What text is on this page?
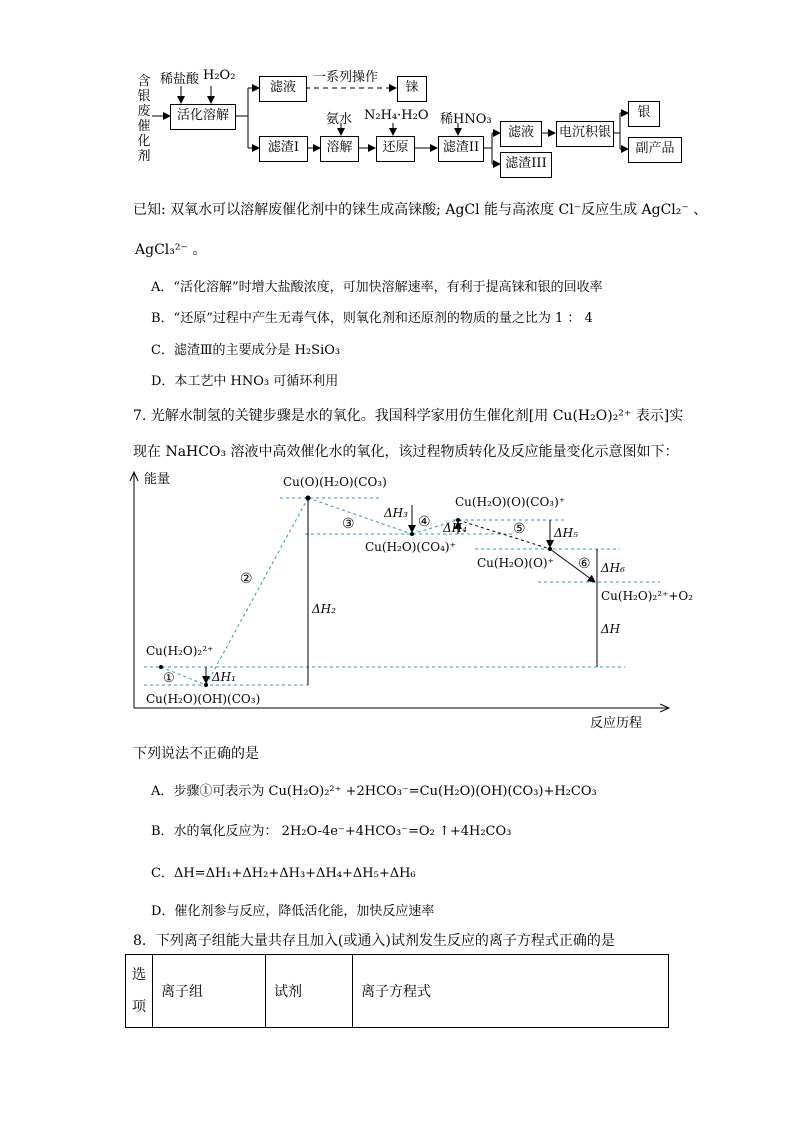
含
银
废
催
化
剂
稀盐酸 H₂O₂
活化溶解
滤液
一系列操作
铼
滤渣I
氨水
溶解
N₂H₄·H₂O
还原
稀HNO₃
滤渣II
滤液
滤渣III
电沉积银
银
副产品
已知: 双氧水可以溶解废催化剂中的铼生成高铼酸; AgCl 能与高浓度 Cl⁻反应生成 AgCl₂⁻ 、
AgCl₃²⁻ 。
A．“活化溶解”时增大盐酸浓度，可加快溶解速率，有利于提高铼和银的回收率
B．“还原”过程中产生无毒气体，则氧化剂和还原剂的物质的量之比为 1 ： 4
C．滤渣Ⅲ的主要成分是 H₂SiO₃
D．本工艺中 HNO₃ 可循环利用
7. 光解水制氢的关键步骤是水的氧化。我国科学家用仿生催化剂[用 Cu(H₂O)₂²⁺ 表示]实
现在 NaHCO₃ 溶液中高效催化水的氧化，该过程物质转化及反应能量变化示意图如下：
能量
反应历程
Cu(H₂O)₂²⁺
Cu(H₂O)(OH)(CO₃)
Cu(O)(H₂O)(CO₃)
Cu(H₂O)(CO₄)⁺
Cu(H₂O)(O)(CO₃)⁺
Cu(H₂O)(O)⁺
Cu(H₂O)₂²⁺+O₂
①
②
③	④	⑤
⑥
ΔH₁
ΔH₂
ΔH₃
ΔH₄	ΔH₅
ΔH₆
ΔH
下列说法不正确的是
A．步骤①可表示为 Cu(H₂O)₂²⁺ +2HCO₃⁻=Cu(H₂O)(OH)(CO₃)+H₂CO₃
B．水的氧化反应为： 2H₂O-4e⁻+4HCO₃⁻=O₂ ↑+4H₂CO₃
C．ΔH=ΔH₁+ΔH₂+ΔH₃+ΔH₄+ΔH₅+ΔH₆
D．催化剂参与反应，降低活化能，加快反应速率
8．下列离子组能大量共存且加入(或通入)试剂发生反应的离子方程式正确的是
选项	离子组	试剂	离子方程式
